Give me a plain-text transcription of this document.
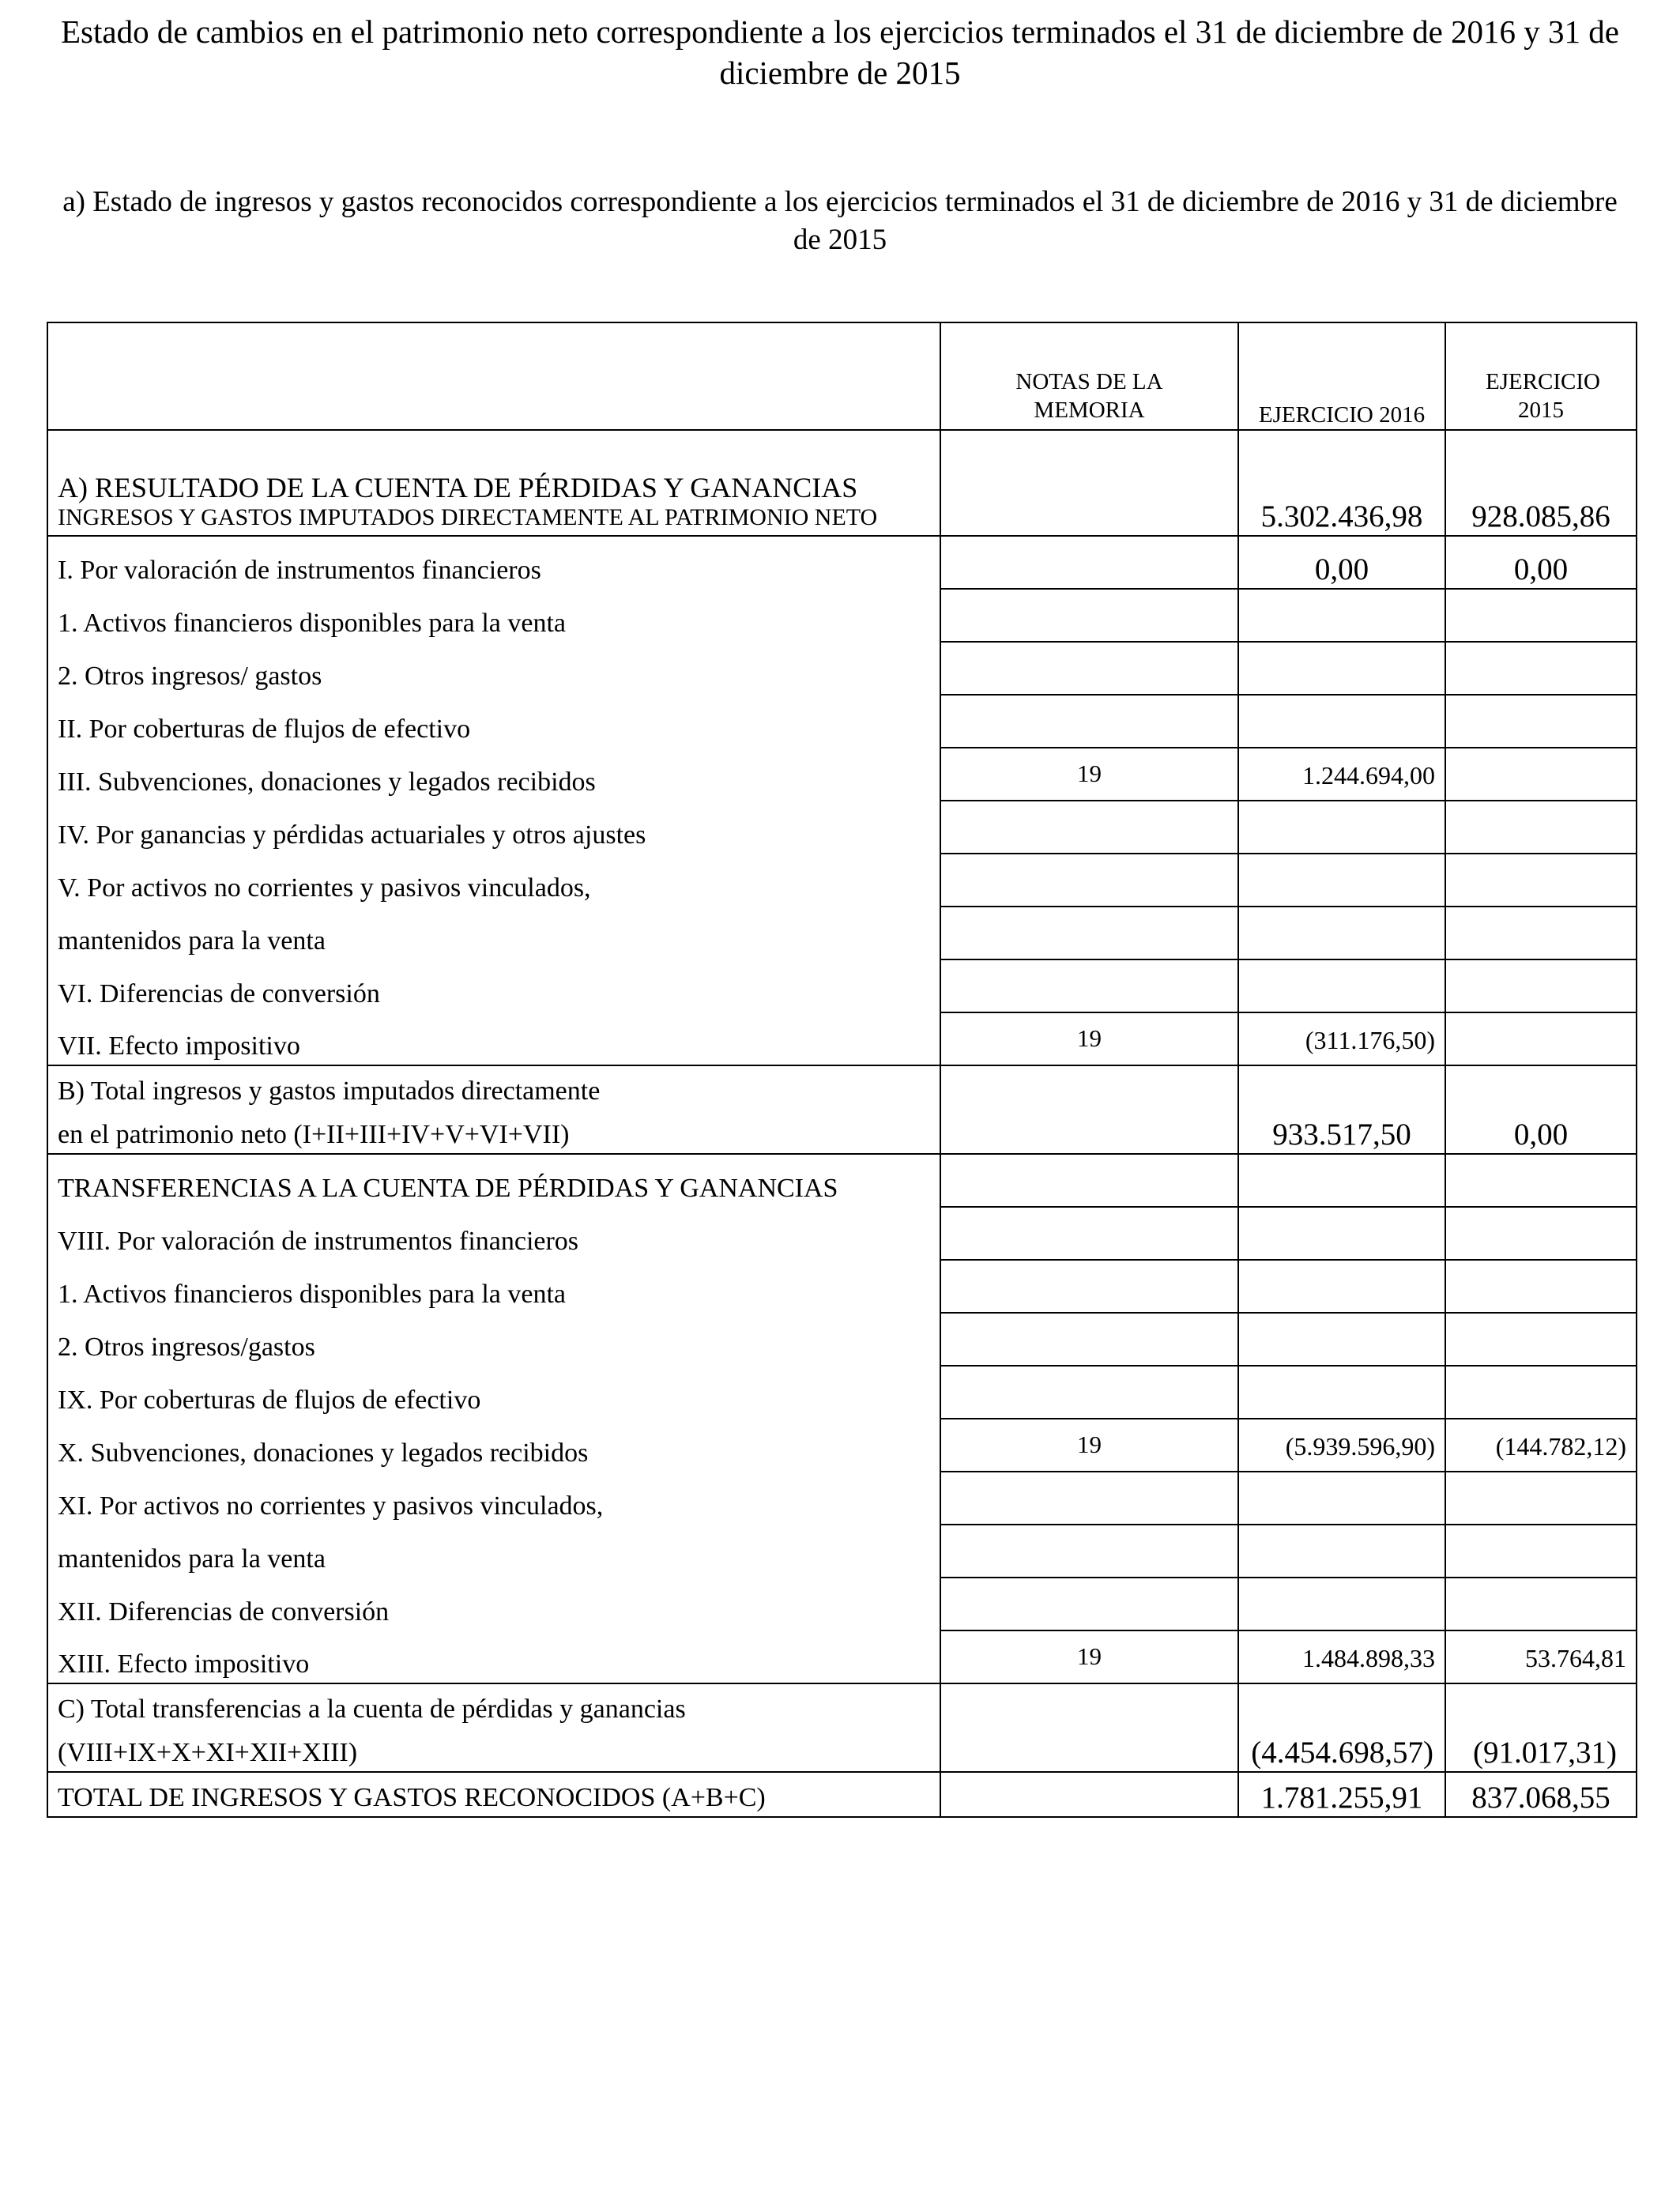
Estado de cambios en el patrimonio neto correspondiente a los ejercicios terminados el 31 de diciembre de 2016 y 31 de diciembre de 2015
a) Estado de ingresos y gastos reconocidos correspondiente a los ejercicios terminados el 31 de diciembre de 2016 y 31 de diciembre de 2015

	NOTAS DE LA MEMORIA	EJERCICIO 2016	EJERCICIO 2015

A) RESULTADO DE LA CUENTA DE PÉRDIDAS Y GANANCIAS
INGRESOS Y GASTOS IMPUTADOS DIRECTAMENTE AL PATRIMONIO NETO		5.302.436,98	928.085,86
I. Por valoración de instrumentos financieros		0,00	0,00
1. Activos financieros disponibles para la venta			
2. Otros ingresos/ gastos			
II. Por coberturas de flujos de efectivo			
III. Subvenciones, donaciones y legados recibidos	19	1.244.694,00	
IV. Por ganancias y pérdidas actuariales y otros ajustes			
V. Por activos no corrientes y pasivos vinculados,			
mantenidos para la venta			
VI. Diferencias de conversión			
VII. Efecto impositivo	19	(311.176,50)	
B) Total ingresos y gastos imputados directamente			
en el patrimonio neto (I+II+III+IV+V+VI+VII)		933.517,50	0,00
TRANSFERENCIAS A LA CUENTA DE PÉRDIDAS Y GANANCIAS			
VIII. Por valoración de instrumentos financieros			
1. Activos financieros disponibles para la venta			
2. Otros ingresos/gastos			
IX. Por coberturas de flujos de efectivo			
X. Subvenciones, donaciones y legados recibidos	19	(5.939.596,90)	(144.782,12)
XI. Por activos no corrientes y pasivos vinculados,			
mantenidos para la venta			
XII. Diferencias de conversión			
XIII. Efecto impositivo	19	1.484.898,33	53.764,81
C) Total transferencias a la cuenta de pérdidas y ganancias			
(VIII+IX+X+XI+XII+XIII)		(4.454.698,57)	(91.017,31)
TOTAL DE INGRESOS Y GASTOS RECONOCIDOS (A+B+C)		1.781.255,91	837.068,55
